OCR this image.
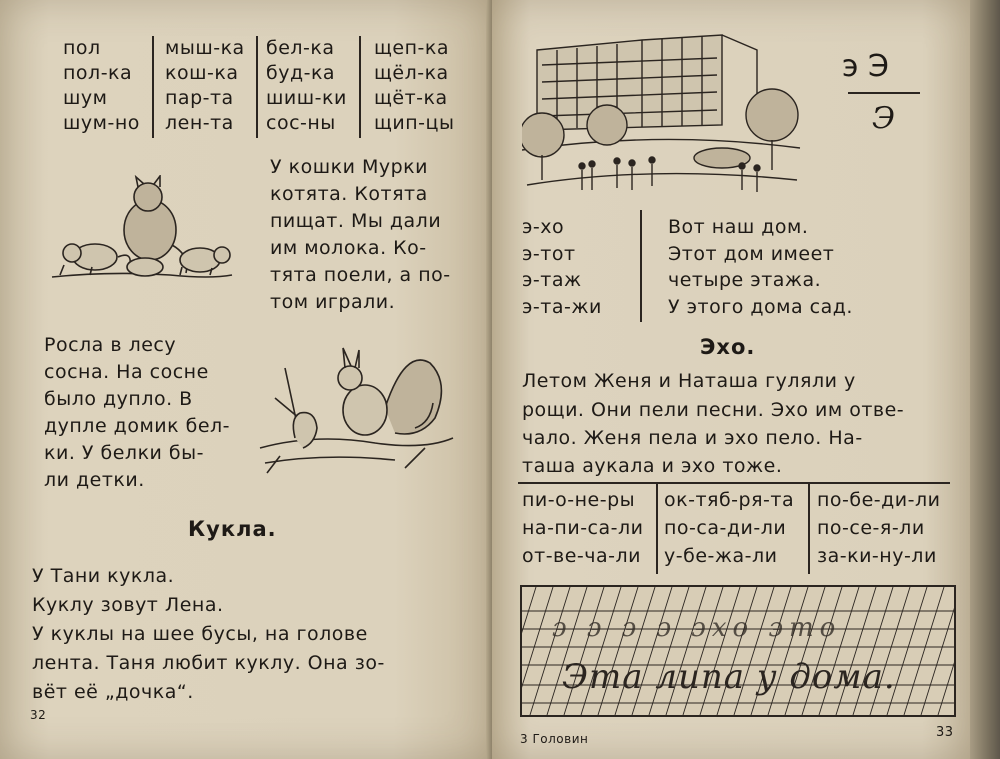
пол
пол-ка
шум
шум-но
мыш-ка
кош-ка
пар-та
лен-та
бел-ка
буд-ка
шиш-ки
сос-ны
щеп-ка
щёл-ка
щёт-ка
щип-цы
У кошки Мурки
котята. Котята
пищат. Мы дали
им молока. Ко-
тята поели, а по-
том играли.
Росла в лесу
сосна. На сосне
было дупло. В
дупле домик бел-
ки. У белки бы-
ли детки.
Кукла.
У Тани кукла.
Куклу зовут Лена.
У куклы на шее бусы, на голове
лента. Таня любит куклу. Она зо-
вёт её „дочка“.
32
э Э
Э
э-хо
э-тот
э-таж
э-та-жи
Вот наш дом.
Этот дом имеет
четыре этажа.
У этого дома сад.
Эхо.
Летом Женя и Наташа гуляли у
рощи. Они пели песни. Эхо им отве-
чало. Женя пела и эхо пело. На-
таша аукала и эхо тоже.
пи-о-не-ры
на-пи-са-ли
от-ве-ча-ли
ок-тяб-ря-та
по-са-ди-ли
у-бе-жа-ли
по-бе-ди-ли
по-се-я-ли
за-ки-ну-ли
э э э э эхо это
Эта липа у дома.
3 Головин	33
